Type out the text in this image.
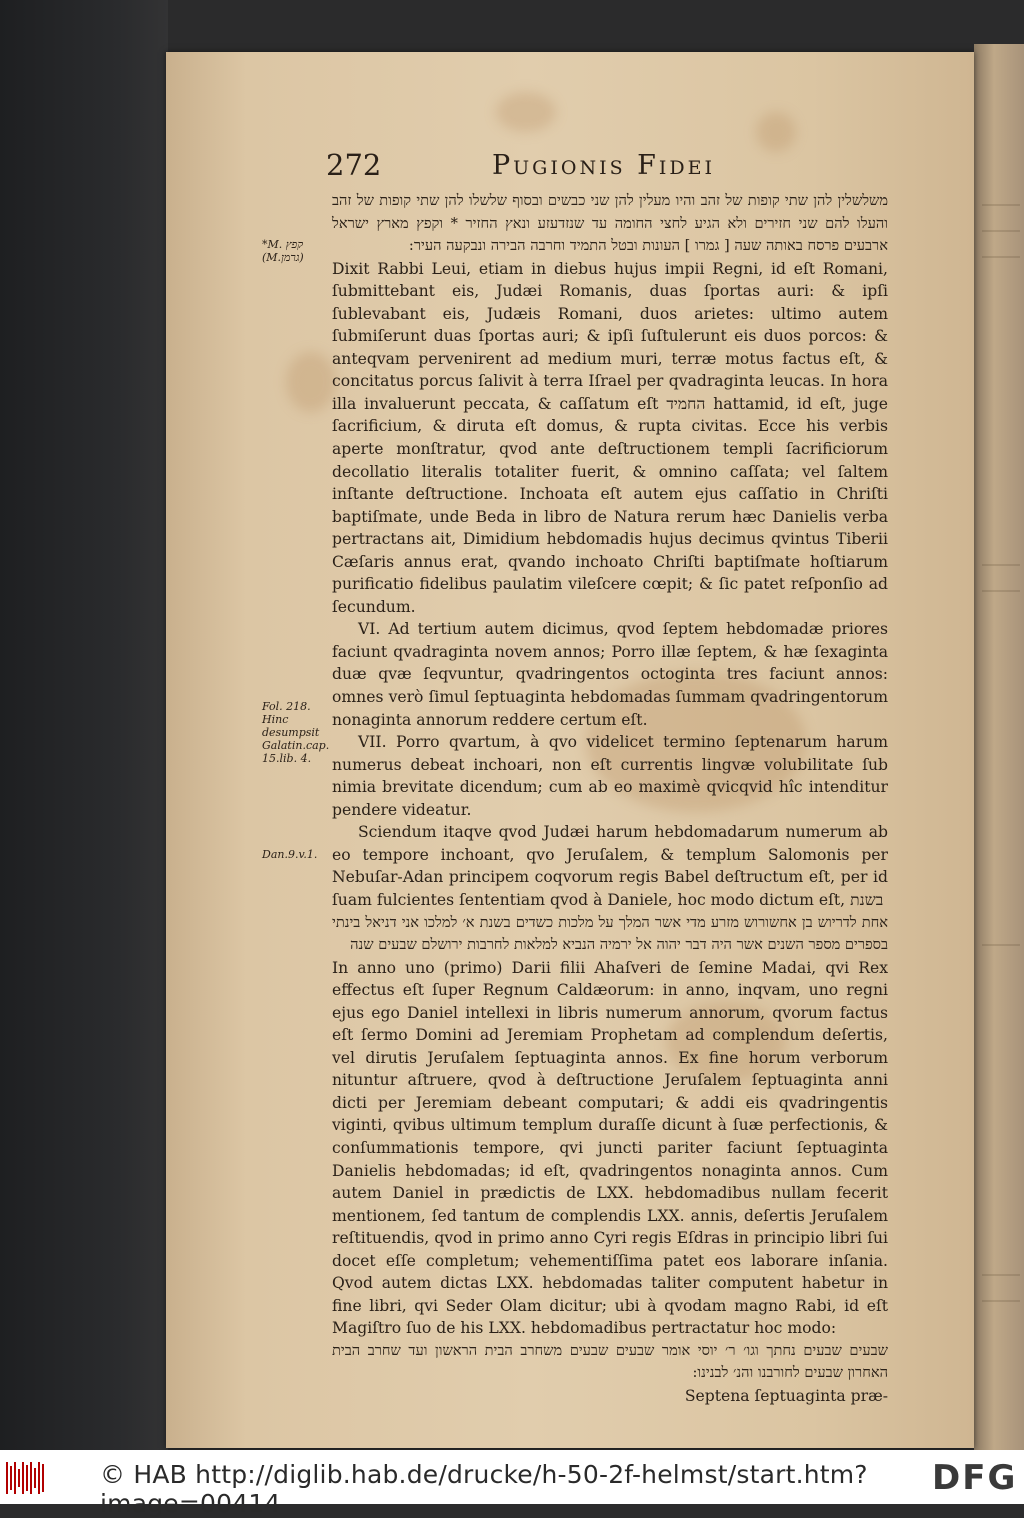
272	Pugionis Fidei
*M. קפץ (M.גרמן)
Fol. 218. Hinc desumpsit Galatin.cap. 15.lib. 4.
Dan.9.v.1.

משלשלין להן שתי קופות של זהב והיו מעלין להן שני כבשים ובסוף שלשלו להן שתי קופות של זהב והעלו להם שני חזירים ולא הגיע לחצי החומה עד שנזדעזע ונאץ החזיר * וקפץ מארץ ישראל ארבעים פרסח באותה שעה [ גמרו ] העונות ובטל התמיד וחרבה הבירה ונבקעה העיר:

Dixit Rabbi Leui, etiam in diebus hujus impii Regni, id eſt Romani, ſubmittebant eis, Judæi Romanis, duas ſportas auri: & ipſi ſublevabant eis, Judæis Romani, duos arietes: ultimo autem ſubmiſerunt duas ſportas auri; & ipſi ſuſtulerunt eis duos porcos: & anteqvam pervenirent ad medium muri, terræ motus factus eſt, & concitatus porcus ſalivit à terra Iſrael per qvadraginta leucas. In hora illa invaluerunt peccata, & caſſatum eſt החמיד hattamid, id eſt, juge ſacrificium, & diruta eſt domus, & rupta civitas. Ecce his verbis aperte monſtratur, qvod ante deſtructionem templi ſacrificiorum decollatio literalis totaliter fuerit, & omnino caſſata; vel ſaltem inſtante deſtructione. Inchoata eſt autem ejus caſſatio in Chriſti baptiſmate, unde Beda in libro de Natura rerum hæc Danielis verba pertractans ait, Dimidium hebdomadis hujus decimus qvintus Tiberii Cæſaris annus erat, qvando inchoato Chriſti baptiſmate hoſtiarum purificatio fidelibus paulatim vileſcere cœpit; & ſic patet reſponſio ad ſecundum.

VI. Ad tertium autem dicimus, qvod ſeptem hebdomadæ priores faciunt qvadraginta novem annos; Porro illæ ſeptem, & hæ ſexaginta duæ qvæ ſeqvuntur, qvadringentos octoginta tres faciunt annos: omnes verò ſimul ſeptuaginta hebdomadas ſummam qvadringentorum nonaginta annorum reddere certum eſt.

VII. Porro qvartum, à qvo videlicet termino ſeptenarum harum numerus debeat inchoari, non eſt currentis lingvæ volubilitate ſub nimia brevitate dicendum; cum ab eo maximè qvicqvid hîc intenditur pendere videatur.

Sciendum itaqve qvod Judæi harum hebdomadarum numerum ab eo tempore inchoant, qvo Jeruſalem, & templum Salomonis per Nebuſar-Adan principem coqvorum regis Babel deſtructum eſt, per id ſuam fulcientes ſententiam qvod à Daniele, hoc modo dictum eſt, בשנת

אחת לדריוש בן אחשורוש מזרע מדי אשר המלך על מלכות כשדים בשנת א׳ למלכו אני דניאל בינתי בספרים מספר השנים אשר היה דבר יהוה אל ירמיה הנביא למלאות לחרבות ירושלם שבעים שנה

In anno uno (primo) Darii filii Ahaſveri de ſemine Madai, qvi Rex effectus eſt ſuper Regnum Caldæorum: in anno, inqvam, uno regni ejus ego Daniel intellexi in libris numerum annorum, qvorum factus eſt ſermo Domini ad Jeremiam Prophetam ad complendum deſertis, vel dirutis Jeruſalem ſeptuaginta annos. Ex fine horum verborum nituntur aſtruere, qvod à deſtructione Jeruſalem ſeptuaginta anni dicti per Jeremiam debeant computari; & addi eis qvadringentis viginti, qvibus ultimum templum duraſſe dicunt à ſuæ perfectionis, & conſummationis tempore, qvi juncti pariter faciunt ſeptuaginta Danielis hebdomadas; id eſt, qvadringentos nonaginta annos. Cum autem Daniel in prædictis de LXX. hebdomadibus nullam fecerit mentionem, ſed tantum de complendis LXX. annis, deſertis Jeruſalem reſtituendis, qvod in primo anno Cyri regis Eſdras in principio libri ſui docet eſſe completum; vehementiſſima patet eos laborare inſania. Qvod autem dictas LXX. hebdomadas taliter computent habetur in fine libri, qvi Seder Olam dicitur; ubi à qvodam magno Rabi, id eſt Magiſtro ſuo de his LXX. hebdomadibus pertractatur hoc modo:

שבעים שבעים נחתך וגו׳ ר׳ יוסי אומר שבעים שבעים משחרב הבית הראשון ועד שחרב הבית האחרון שבעים לחורבנו והנ׳ לבנינו:

Septena ſeptuaginta præ-

© HAB http://diglib.hab.de/drucke/h-50-2f-helmst/start.htm?image=00414
DFG
